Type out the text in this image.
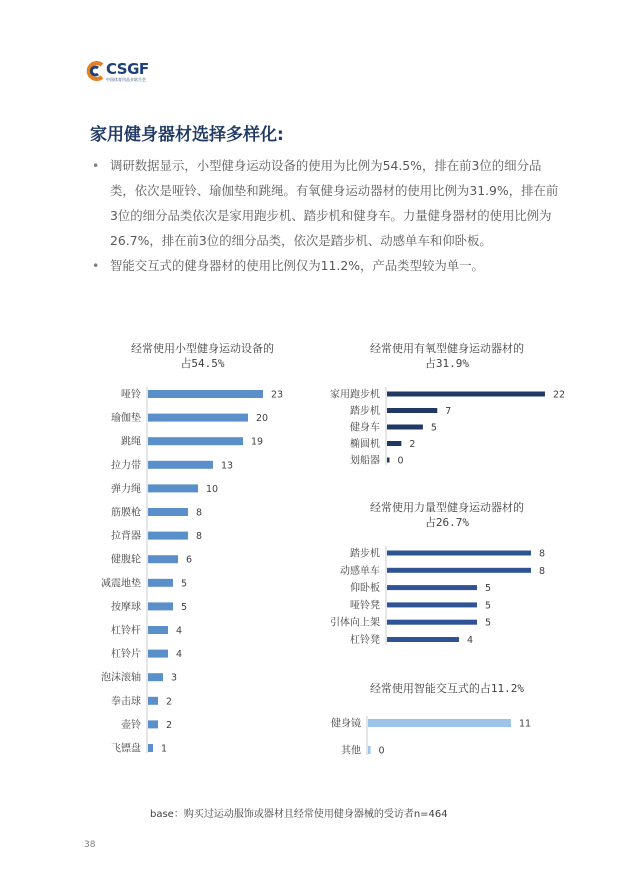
CSGF
中国体育用品业联合会
家用健身器材选择多样化:
• 调研数据显示，小型健身运动设备的使用为比例为54.5%，排在前3位的细分品类，依次是哑铃、瑜伽垫和跳绳。有氧健身运动器材的使用比例为31.9%，排在前3位的细分品类依次是家用跑步机、踏步机和健身车。力量健身器材的使用比例为26.7%，排在前3位的细分品类，依次是踏步机、动感单车和仰卧板。
• 智能交互式的健身器材的使用比例仅为11.2%，产品类型较为单一。
经常使用小型健身运动设备的
占54.5%
经常使用有氧型健身运动器材的
占31.9%
经常使用力量型健身运动器材的
占26.7%
经常使用智能交互式的占11.2%
哑铃	23
瑜伽垫	20
跳绳	19
拉力带	13
弹力绳	10
筋膜枪	8
拉背器	8
健腹轮	6
减震地垫	5
按摩球	5
杠铃杆	4
杠铃片	4
泡沫滚轴	3
拳击球	2
壶铃	2
飞镖盘 1
家用跑步机	22
踏步机	7
健身车	5
椭圆机	2
划船器 0
踏步机	8
动感单车	8
仰卧板	5
哑铃凳	5
引体向上架	5
杠铃凳	4
健身镜	11
其他 0
base：购买过运动服饰或器材且经常使用健身器械的受访者n=464
38
